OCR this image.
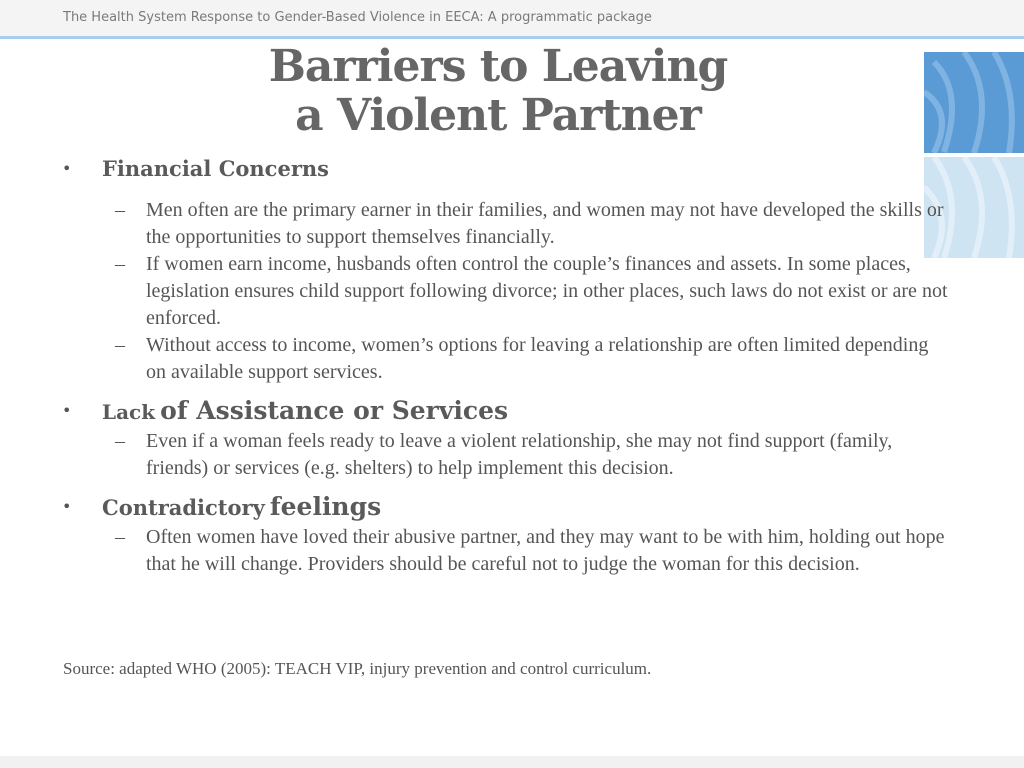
The Health System Response to Gender-Based Violence in EECA: A programmatic package
Barriers to Leaving
a Violent Partner
• Financial Concerns
– Men often are the primary earner in their families, and women may not have developed the skills or the opportunities to support themselves financially.
– If women earn income, husbands often control the couple’s finances and assets. In some places, legislation ensures child support following divorce; in other places, such laws do not exist or are not enforced.
– Without access to income, women’s options for leaving a relationship are often limited depending on available support services.
• Lack of Assistance or Services
– Even if a woman feels ready to leave a violent relationship, she may not find support (family, friends) or services (e.g. shelters) to help implement this decision.
• Contradictory feelings
– Often women have loved their abusive partner, and they may want to be with him, holding out hope that he will change. Providers should be careful not to judge the woman for this decision.
Source: adapted WHO (2005): TEACH VIP, injury prevention and control curriculum.
